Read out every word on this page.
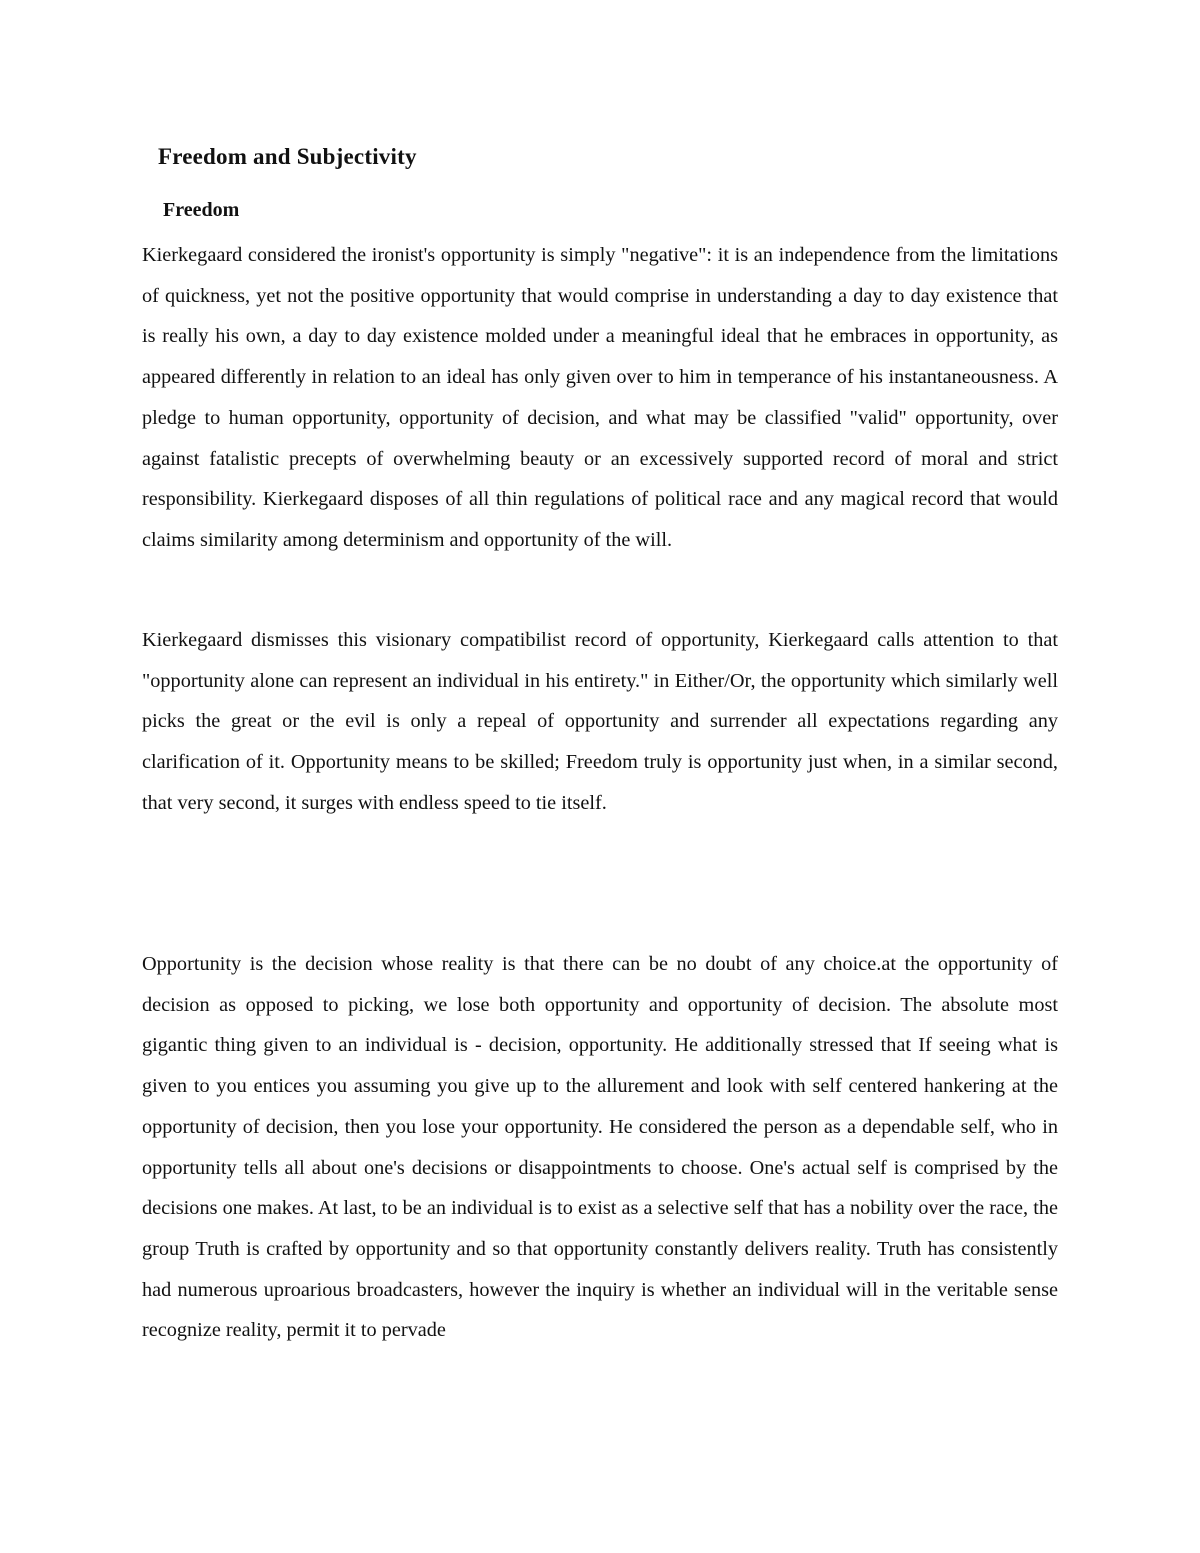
Freedom and Subjectivity
Freedom

Kierkegaard considered the ironist's opportunity is simply "negative": it is an independence from the limitations of quickness, yet not the positive opportunity that would comprise in understanding a day to day existence that is really his own, a day to day existence molded under a meaningful ideal that he embraces in opportunity, as appeared differently in relation to an ideal has only given over to him in temperance of his instantaneousness. A pledge to human opportunity, opportunity of decision, and what may be classified "valid" opportunity, over against fatalistic precepts of overwhelming beauty or an excessively supported record of moral and strict responsibility. Kierkegaard disposes of all thin regulations of political race and any magical record that would claims similarity among determinism and opportunity of the will.

Kierkegaard dismisses this visionary compatibilist record of opportunity, Kierkegaard calls attention to that "opportunity alone can represent an individual in his entirety." in Either/Or, the opportunity which similarly well picks the great or the evil is only a repeal of opportunity and surrender all expectations regarding any clarification of it. Opportunity means to be skilled; Freedom truly is opportunity just when, in a similar second, that very second, it surges with endless speed to tie itself.

Opportunity is the decision whose reality is that there can be no doubt of any choice.at the opportunity of decision as opposed to picking, we lose both opportunity and opportunity of decision. The absolute most gigantic thing given to an individual is - decision, opportunity. He additionally stressed that If seeing what is given to you entices you assuming you give up to the allurement and look with self centered hankering at the opportunity of decision, then you lose your opportunity. He considered the person as a dependable self, who in opportunity tells all about one's decisions or disappointments to choose. One's actual self is comprised by the decisions one makes. At last, to be an individual is to exist as a selective self that has a nobility over the race, the group Truth is crafted by opportunity and so that opportunity constantly delivers reality. Truth has consistently had numerous uproarious broadcasters, however the inquiry is whether an individual will in the veritable sense recognize reality, permit it to pervade
